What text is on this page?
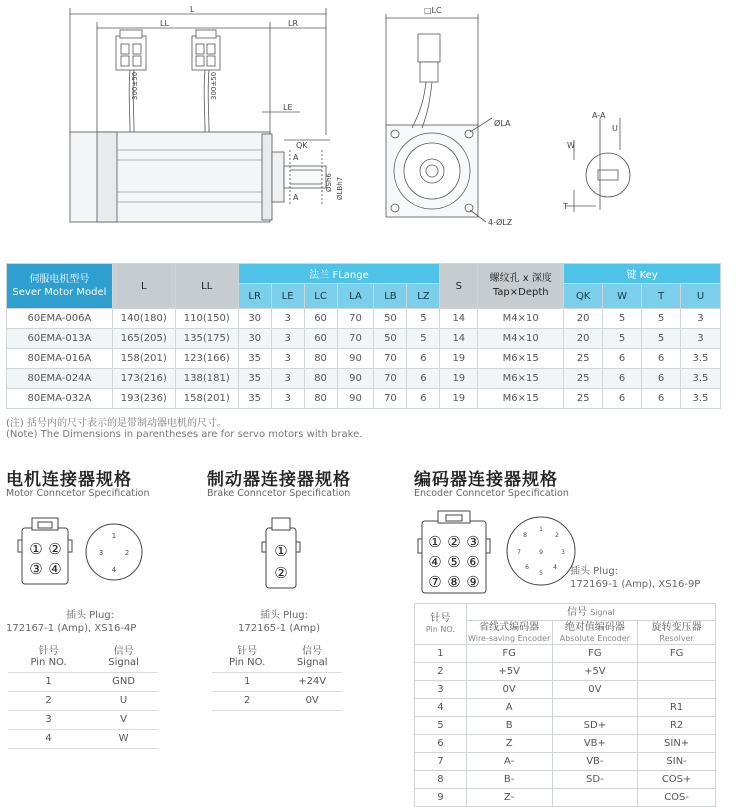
L
LL	LR
LE
□LC
QK
A
A
ØLA
4-ØLZ
A-A
U
W
T
300±50	300±50
ØSh6 ØLBh7
伺服电机型号
Sever Motor Model	L	LL	法兰 FLange						S	螺纹孔 x 深度
Tap×Depth	键 Key			
			LR	LE	LC	LA	LB	LZ			QK	W	T	U
60EMA-006A	140(180)	110(150)	30	3	60	70	50	5	14	M4×10	20	5	5	3
60EMA-013A	165(205)	135(175)	30	3	60	70	50	5	14	M4×10	20	5	5	3
80EMA-016A	158(201)	123(166)	35	3	80	90	70	6	19	M6×15	25	6	6	3.5
80EMA-024A	173(216)	138(181)	35	3	80	90	70	6	19	M6×15	25	6	6	3.5
80EMA-032A	193(236)	158(201)	35	3	80	90	70	6	19	M6×15	25	6	6	3.5
(注) 括号内的尺寸表示的是带制动器电机的尺寸。
(Note) The Dimensions in parentheses are for servo motors with brake.
电机连接器规格
Motor Conncetor Specification
① ②
③ ④
1
2
3
4
插头 Plug:
172167-1 (Amp), XS16-4P
针号
Pin NO.	信号
Signal
1	GND
2	U
3	V
4	W
制动器连接器规格
Brake Conncetor Specification
①
②
插头 Plug:
172165-1 (Amp)
针号
Pin NO.	信号
Signal
1	+24V
2	0V
编码器连接器规格
Encoder Conncetor Specification
① ② ③
④ ⑤ ⑥
⑦ ⑧ ⑨
1
2
3
4
5
6
7
8
9
插头 Plug:
172169-1 (Amp), XS16-9P
针号
Pin NO.	信号 Signal		
	省线式编码器
Wire-saving Encoder	绝对值编码器
Absolute Encoder	旋转变压器
Resolver
1	FG	FG	FG
2	+5V	+5V	
3	0V	0V	
4	A		R1
5	B	SD+	R2
6	Z	VB+	SIN+
7	A-	VB-	SIN-
8	B-	SD-	COS+
9	Z-		COS-
